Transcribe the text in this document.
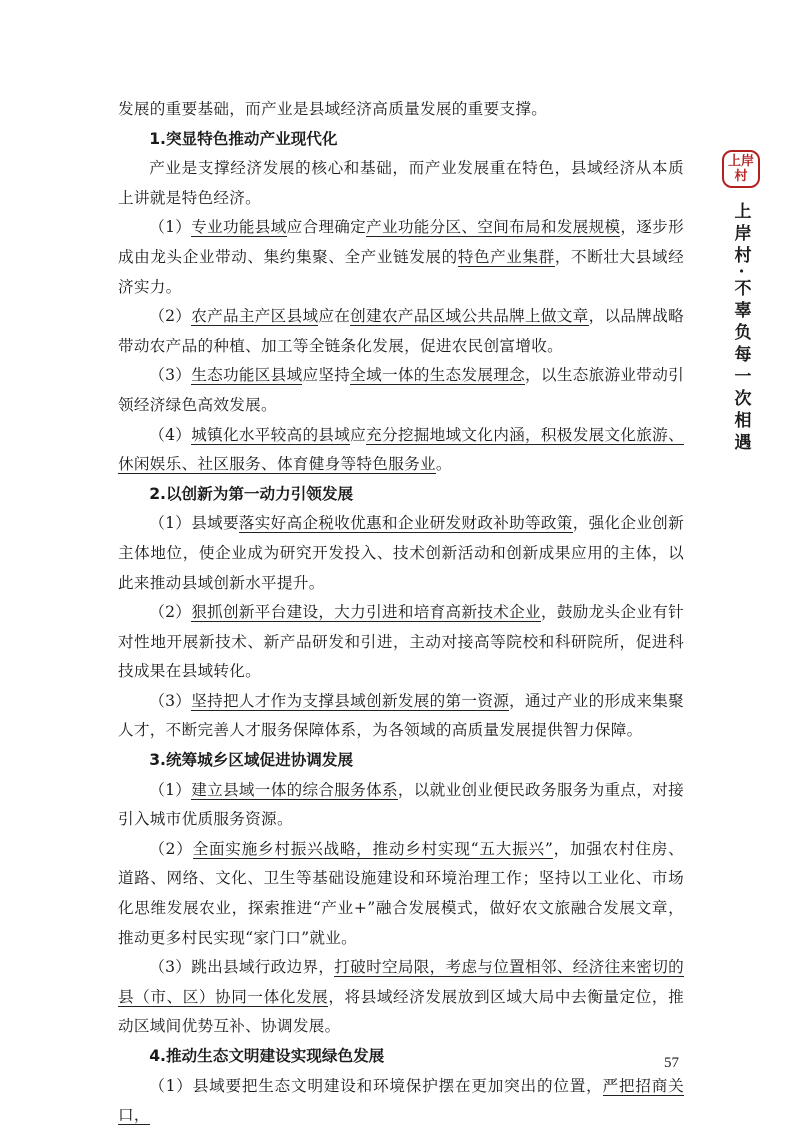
发展的重要基础，而产业是县域经济高质量发展的重要支撑。

1.突显特色推动产业现代化

产业是支撑经济发展的核心和基础，而产业发展重在特色，县域经济从本质上讲就是特色经济。

（1）专业功能县域应合理确定产业功能分区、空间布局和发展规模，逐步形成由龙头企业带动、集约集聚、全产业链发展的特色产业集群，不断壮大县域经济实力。

（2）农产品主产区县域应在创建农产品区域公共品牌上做文章，以品牌战略带动农产品的种植、加工等全链条化发展，促进农民创富增收。

（3）生态功能区县域应坚持全域一体的生态发展理念，以生态旅游业带动引领经济绿色高效发展。

（4）城镇化水平较高的县域应充分挖掘地域文化内涵，积极发展文化旅游、休闲娱乐、社区服务、体育健身等特色服务业。

2.以创新为第一动力引领发展

（1）县域要落实好高企税收优惠和企业研发财政补助等政策，强化企业创新主体地位，使企业成为研究开发投入、技术创新活动和创新成果应用的主体，以此来推动县域创新水平提升。

（2）狠抓创新平台建设，大力引进和培育高新技术企业，鼓励龙头企业有针对性地开展新技术、新产品研发和引进，主动对接高等院校和科研院所，促进科技成果在县域转化。

（3）坚持把人才作为支撑县域创新发展的第一资源，通过产业的形成来集聚人才，不断完善人才服务保障体系，为各领域的高质量发展提供智力保障。

3.统筹城乡区域促进协调发展

（1）建立县域一体的综合服务体系，以就业创业便民政务服务为重点，对接引入城市优质服务资源。

（2）全面实施乡村振兴战略，推动乡村实现“五大振兴”，加强农村住房、道路、网络、文化、卫生等基础设施建设和环境治理工作；坚持以工业化、市场化思维发展农业，探索推进“产业+”融合发展模式，做好农文旅融合发展文章，推动更多村民实现“家门口”就业。

（3）跳出县域行政边界，打破时空局限，考虑与位置相邻、经济往来密切的县（市、区）协同一体化发展，将县域经济发展放到区域大局中去衡量定位，推动区域间优势互补、协调发展。

4.推动生态文明建设实现绿色发展

（1）县域要把生态文明建设和环境保护摆在更加突出的位置，严把招商关口，

上岸村
上岸村·不辜负每一次相遇
57
